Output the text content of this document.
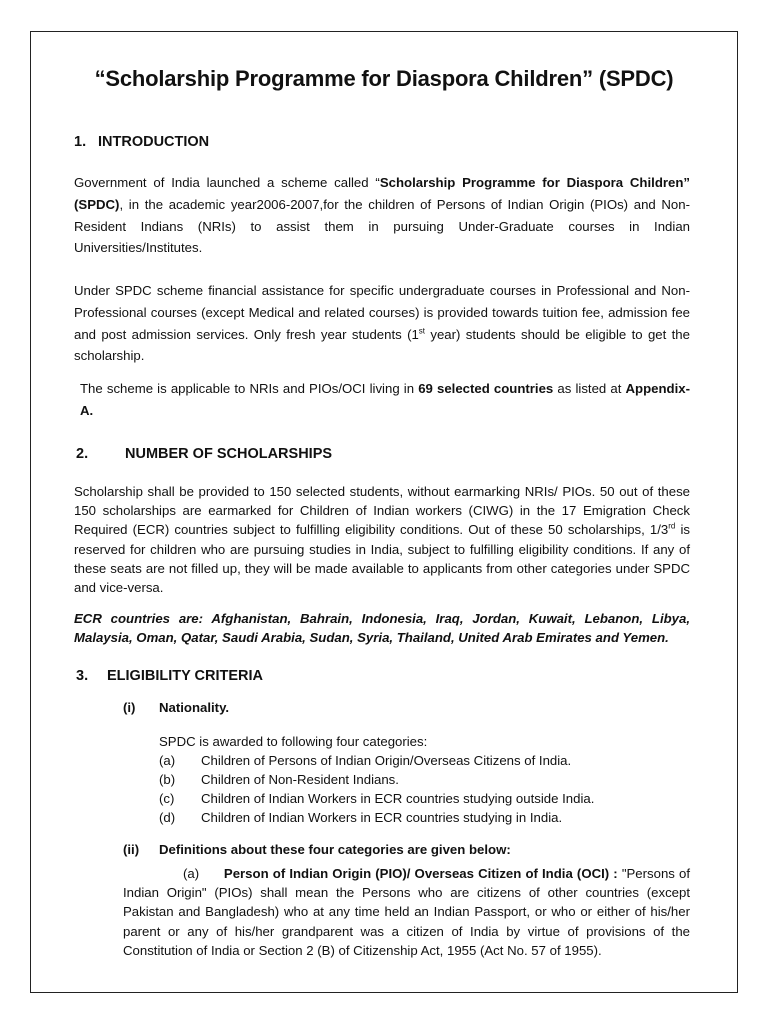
“Scholarship Programme for Diaspora Children” (SPDC)
1. INTRODUCTION
Government of India launched a scheme called “Scholarship Programme for Diaspora Children” (SPDC), in the academic year2006-2007,for the children of Persons of Indian Origin (PIOs) and Non-Resident Indians (NRIs) to assist them in pursuing Under-Graduate courses in Indian Universities/Institutes.
Under SPDC scheme financial assistance for specific undergraduate courses in Professional and Non-Professional courses (except Medical and related courses) is provided towards tuition fee, admission fee and post admission services. Only fresh year students (1st year) students should be eligible to get the scholarship.
The scheme is applicable to NRIs and PIOs/OCI living in 69 selected countries as listed at Appendix-A.
2.	NUMBER OF SCHOLARSHIPS
Scholarship shall be provided to 150 selected students, without earmarking NRIs/ PIOs. 50 out of these 150 scholarships are earmarked for Children of Indian workers (CIWG) in the 17 Emigration Check Required (ECR) countries subject to fulfilling eligibility conditions. Out of these 50 scholarships, 1/3rd is reserved for children who are pursuing studies in India, subject to fulfilling eligibility conditions. If any of these seats are not filled up, they will be made available to applicants from other categories under SPDC and vice-versa.
ECR countries are: Afghanistan, Bahrain, Indonesia, Iraq, Jordan, Kuwait, Lebanon, Libya, Malaysia, Oman, Qatar, Saudi Arabia, Sudan, Syria, Thailand, United Arab Emirates and Yemen.
3. ELIGIBILITY CRITERIA
(i) Nationality.
SPDC is awarded to following four categories:
(a) Children of Persons of Indian Origin/Overseas Citizens of India.
(b) Children of Non-Resident Indians.
(c) Children of Indian Workers in ECR countries studying outside India.
(d) Children of Indian Workers in ECR countries studying in India.
(ii) Definitions about these four categories are given below:
(a) Person of Indian Origin (PIO)/ Overseas Citizen of India (OCI) : "Persons of Indian Origin" (PIOs) shall mean the Persons who are citizens of other countries (except Pakistan and Bangladesh) who at any time held an Indian Passport, or who or either of his/her parent or any of his/her grandparent was a citizen of India by virtue of provisions of the Constitution of India or Section 2 (B) of Citizenship Act, 1955 (Act No. 57 of 1955).
